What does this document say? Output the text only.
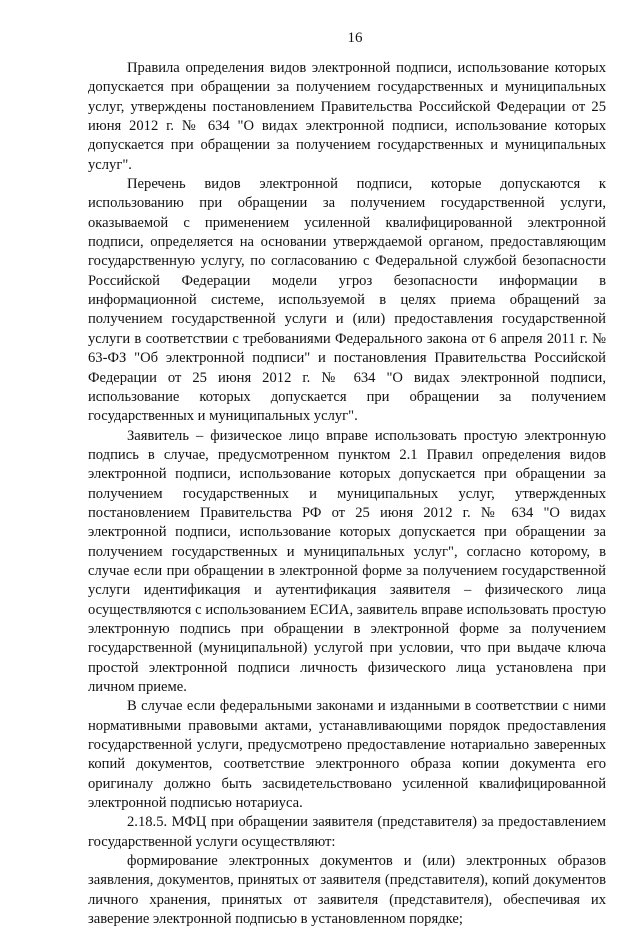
16

Правила определения видов электронной подписи, использование которых допускается при обращении за получением государственных и муниципальных услуг, утверждены постановлением Правительства Российской Федерации от 25 июня 2012 г. № 634 "О видах электронной подписи, использование которых допускается при обращении за получением государственных и муниципальных услуг".

Перечень видов электронной подписи, которые допускаются к использованию при обращении за получением государственной услуги, оказываемой с применением усиленной квалифицированной электронной подписи, определяется на основании утверждаемой органом, предоставляющим государственную услугу, по согласованию с Федеральной службой безопасности Российской Федерации модели угроз безопасности информации в информационной системе, используемой в целях приема обращений за получением государственной услуги и (или) предоставления государственной услуги в соответствии с требованиями Федерального закона от 6 апреля 2011 г. № 63-ФЗ "Об электронной подписи" и постановления Правительства Российской Федерации от 25 июня 2012 г. № 634 "О видах электронной подписи, использование которых допускается при обращении за получением государственных и муниципальных услуг".

Заявитель – физическое лицо вправе использовать простую электронную подпись в случае, предусмотренном пунктом 2.1 Правил определения видов электронной подписи, использование которых допускается при обращении за получением государственных и муниципальных услуг, утвержденных постановлением Правительства РФ от 25 июня 2012 г. № 634 "О видах электронной подписи, использование которых допускается при обращении за получением государственных и муниципальных услуг", согласно которому, в случае если при обращении в электронной форме за получением государственной услуги идентификация и аутентификация заявителя – физического лица осуществляются с использованием ЕСИА, заявитель вправе использовать простую электронную подпись при обращении в электронной форме за получением государственной (муниципальной) услугой при условии, что при выдаче ключа простой электронной подписи личность физического лица установлена при личном приеме.

В случае если федеральными законами и изданными в соответствии с ними нормативными правовыми актами, устанавливающими порядок предоставления государственной услуги, предусмотрено предоставление нотариально заверенных копий документов, соответствие электронного образа копии документа его оригиналу должно быть засвидетельствовано усиленной квалифицированной электронной подписью нотариуса.

2.18.5. МФЦ при обращении заявителя (представителя) за предоставлением государственной услуги осуществляют:

формирование электронных документов и (или) электронных образов заявления, документов, принятых от заявителя (представителя), копий документов личного хранения, принятых от заявителя (представителя), обеспечивая их заверение электронной подписью в установленном порядке;
